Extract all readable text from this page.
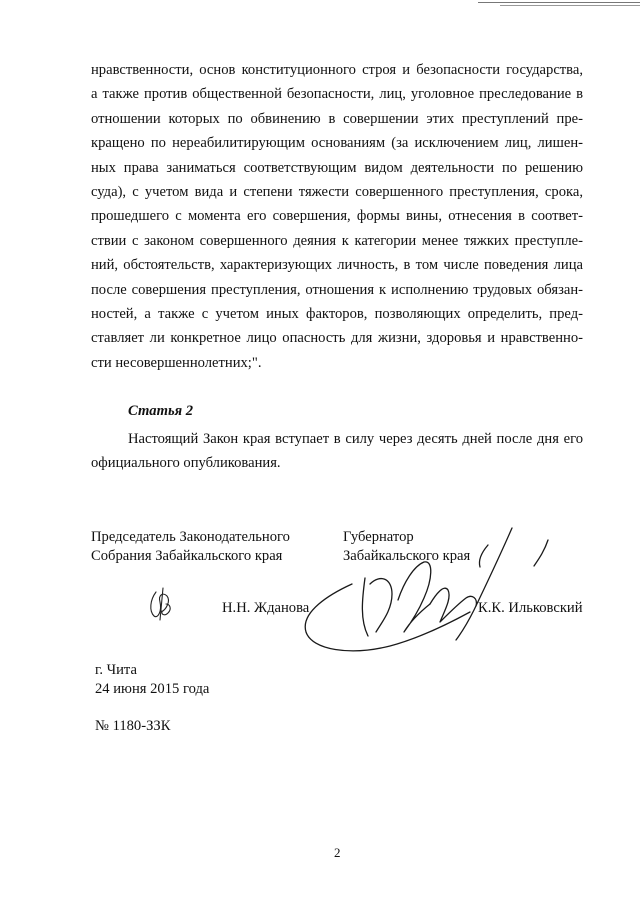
нравственности, основ конституционного строя и безопасности государства,
а также против общественной безопасности, лиц, уголовное преследование в
отношении которых по обвинению в совершении этих преступлений пре-
кращено по нереабилитирующим основаниям (за исключением лиц, лишен-
ных права заниматься соответствующим видом деятельности по решению
суда), с учетом вида и степени тяжести совершенного преступления, срока,
прошедшего с момента его совершения, формы вины, отнесения в соответ-
ствии с законом совершенного деяния к категории менее тяжких преступле-
ний, обстоятельств, характеризующих личность, в том числе поведения лица
после совершения преступления, отношения к исполнению трудовых обязан-
ностей, а также с учетом иных факторов, позволяющих определить, пред-
ставляет ли конкретное лицо опасность для жизни, здоровья и нравственно-
сти несовершеннолетних;".
Статья 2
Настоящий Закон края вступает в силу через десять дней после дня его
официального опубликования.
Председатель Законодательного
Собрания Забайкальского края
Губернатор
Забайкальского края
Н.Н. Жданова	К.К. Ильковский
г. Чита
24 июня 2015 года
№ 1180-ЗЗК
2
